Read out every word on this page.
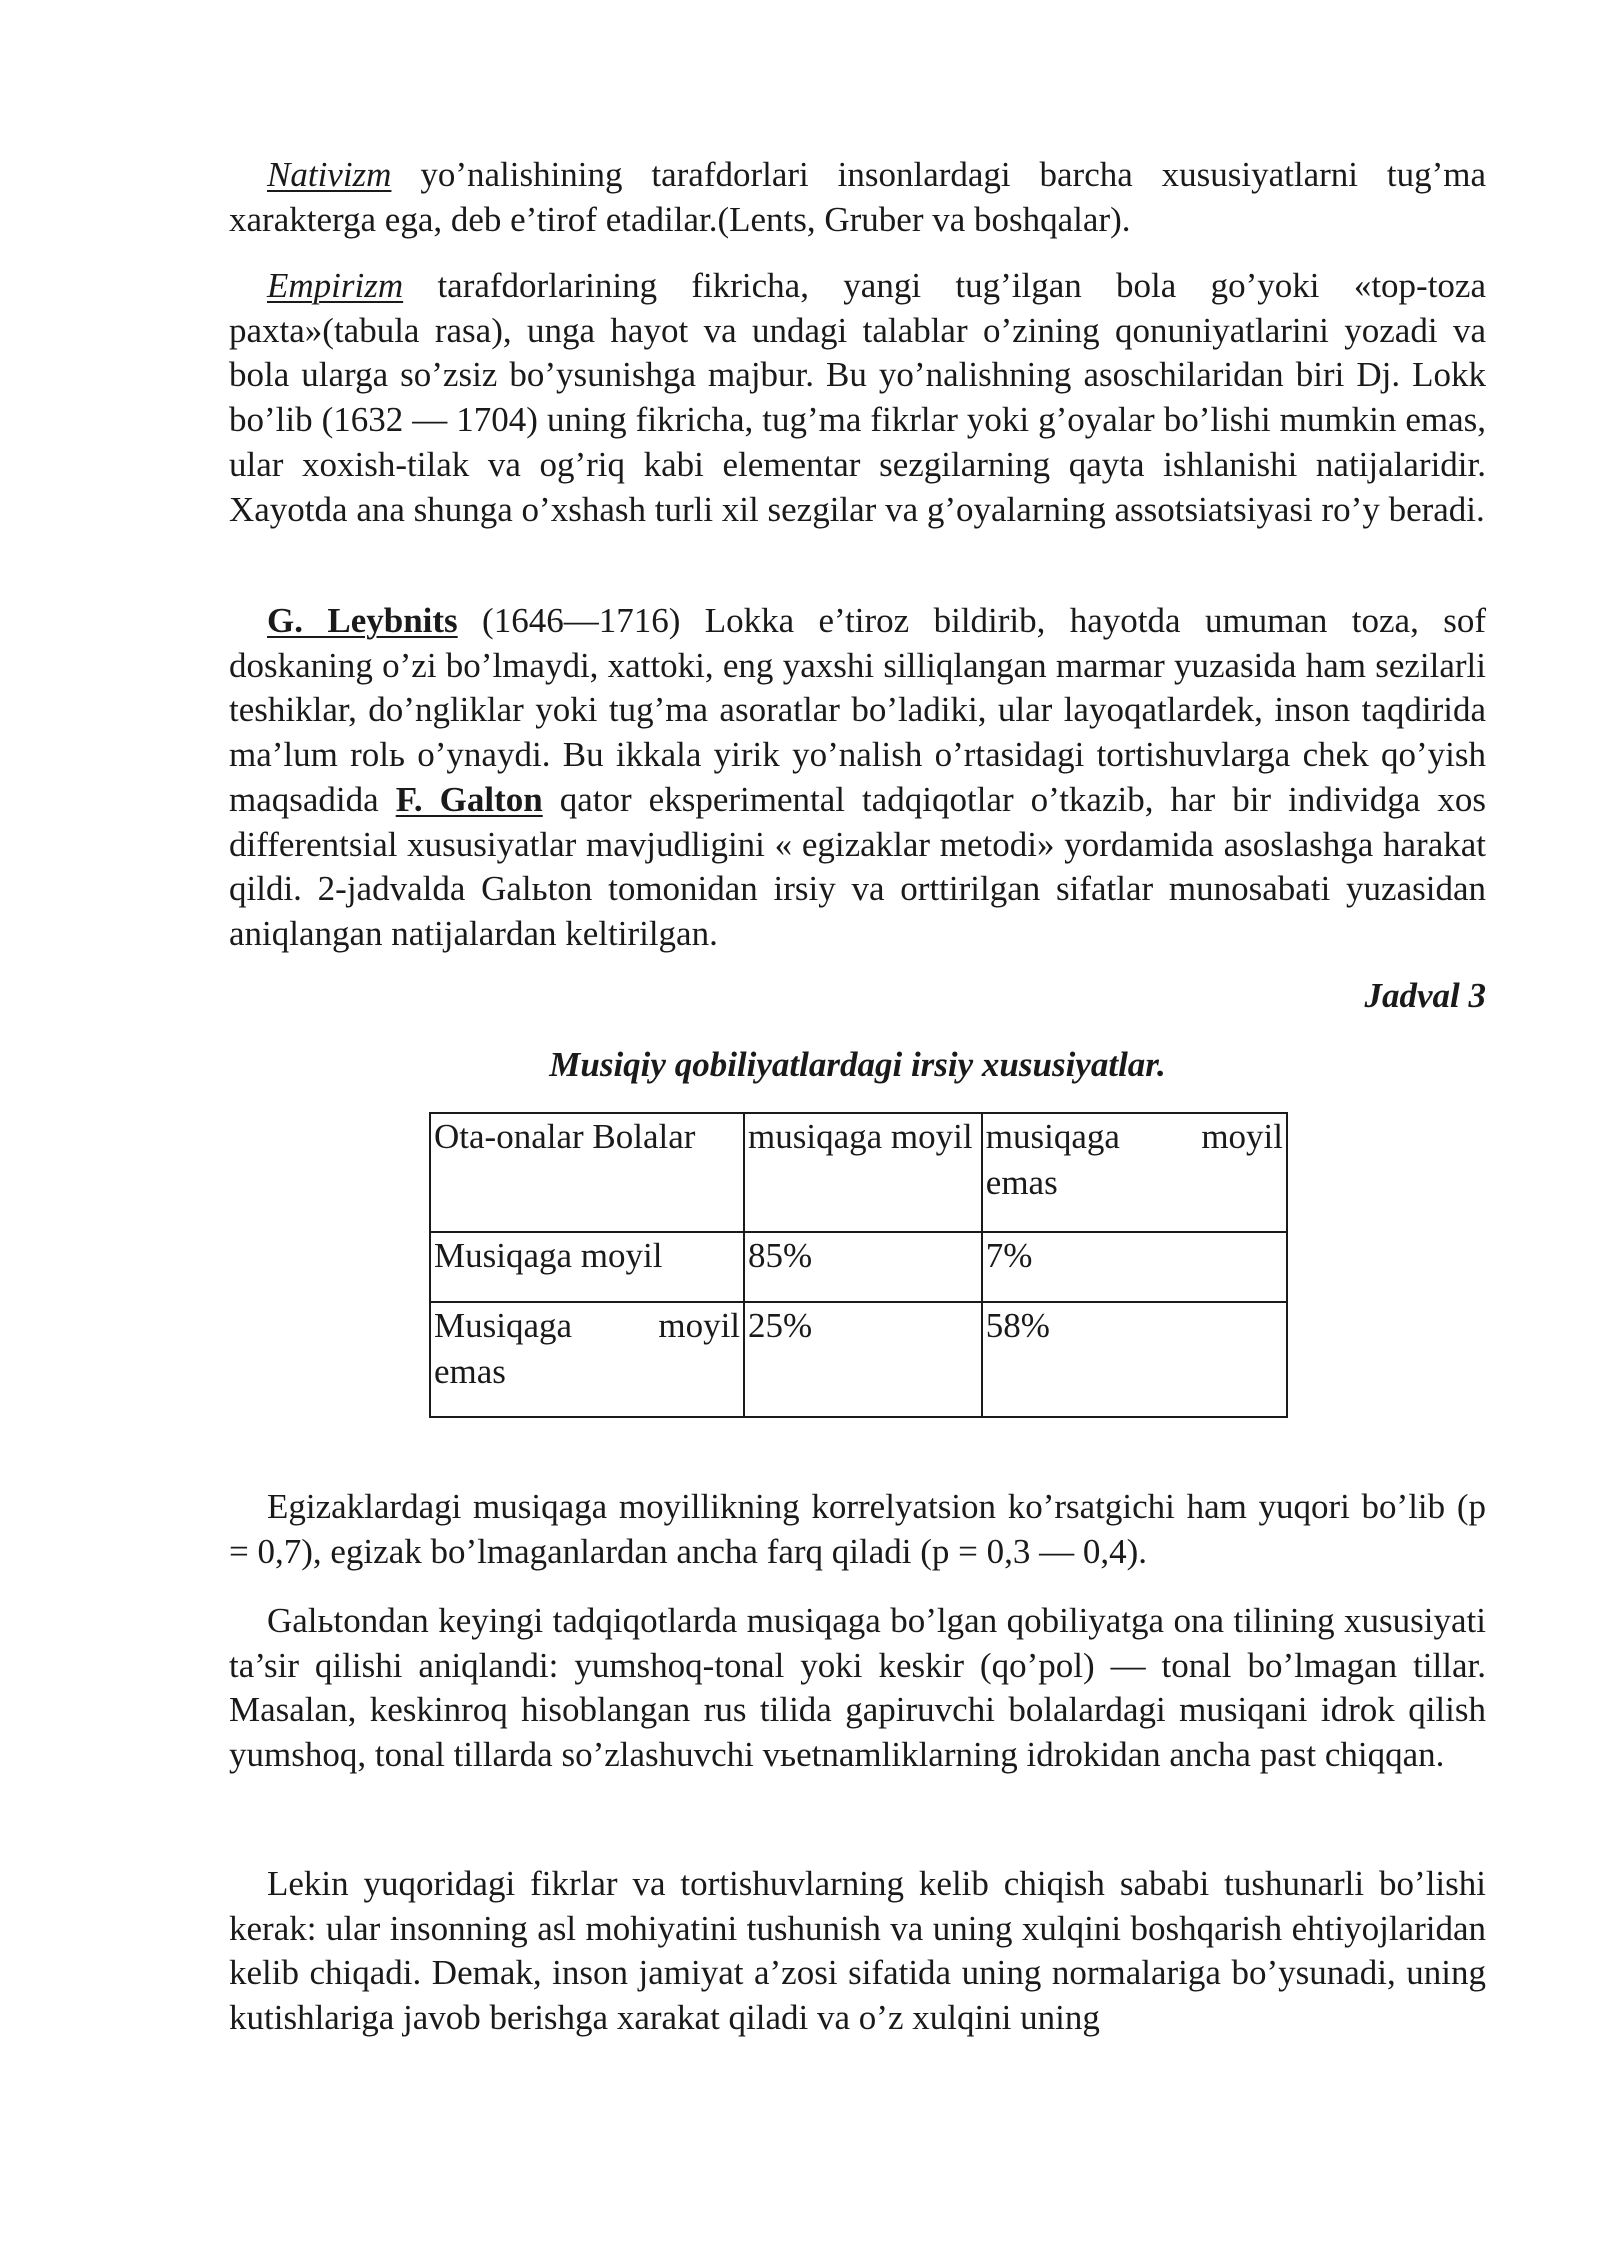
Nativizm yo’nalishining tarafdorlari insonlardagi barcha xususiyatlarni tug’ma xarakterga ega, deb e’tirof etadilar.(Lents, Gruber va boshqalar).

Empirizm tarafdorlarining fikricha, yangi tug’ilgan bola go’yoki «top-toza paxta»(tabula rasa), unga hayot va undagi talablar o’zining qonuniyatlarini yozadi va bola ularga so’zsiz bo’ysunishga majbur. Bu yo’nalishning asoschilaridan biri Dj. Lokk bo’lib (1632 — 1704) uning fikricha, tug’ma fikrlar yoki g’oyalar bo’lishi mumkin emas, ular xoxish-tilak va og’riq kabi elementar sezgilarning qayta ishlanishi natijalaridir. Xayotda ana shunga o’xshash turli xil sezgilar va g’oyalarning assotsiatsiyasi ro’y beradi.

G. Leybnits (1646—1716) Lokka e’tiroz bildirib, hayotda umuman toza, sof doskaning o’zi bo’lmaydi, xattoki, eng yaxshi silliqlangan marmar yuzasida ham sezilarli teshiklar, do’ngliklar yoki tug’ma asoratlar bo’ladiki, ular layoqatlardek, inson taqdirida ma’lum rolь o’ynaydi. Bu ikkala yirik yo’nalish o’rtasidagi tortishuvlarga chek qo’yish maqsadida F. Galton qator eksperimental tadqiqotlar o’tkazib, har bir individga xos differentsial xususiyatlar mavjudligini « egizaklar metodi» yordamida asoslashga harakat qildi. 2-jadvalda Galьton tomonidan irsiy va orttirilgan sifatlar munosabati yuzasidan aniqlangan natijalardan keltirilgan.

Jadval 3

Musiqiy qobiliyatlardagi irsiy xususiyatlar.

Ota-onalar Bolalar	musiqaga moyil	musiqaga moyil emas
Musiqaga moyil	85%	7%
Musiqaga moyil emas	25%	58%

Egizaklardagi musiqaga moyillikning korrelyatsion ko’rsatgichi ham yuqori bo’lib (p = 0,7), egizak bo’lmaganlardan ancha farq qiladi (p = 0,3 — 0,4).

Galьtondan keyingi tadqiqotlarda musiqaga bo’lgan qobiliyatga ona tilining xususiyati ta’sir qilishi aniqlandi: yumshoq-tonal yoki keskir (qo’pol) — tonal bo’lmagan tillar. Masalan, keskinroq hisoblangan rus tilida gapiruvchi bolalardagi musiqani idrok qilish yumshoq, tonal tillarda so’zlashuvchi vьetnamliklarning idrokidan ancha past chiqqan.

Lekin yuqoridagi fikrlar va tortishuvlarning kelib chiqish sababi tushunarli bo’lishi kerak: ular insonning asl mohiyatini tushunish va uning xulqini boshqarish ehtiyojlaridan kelib chiqadi. Demak, inson jamiyat a’zosi sifatida uning normalariga bo’ysunadi, uning kutishlariga javob berishga xarakat qiladi va o’z xulqini uning
